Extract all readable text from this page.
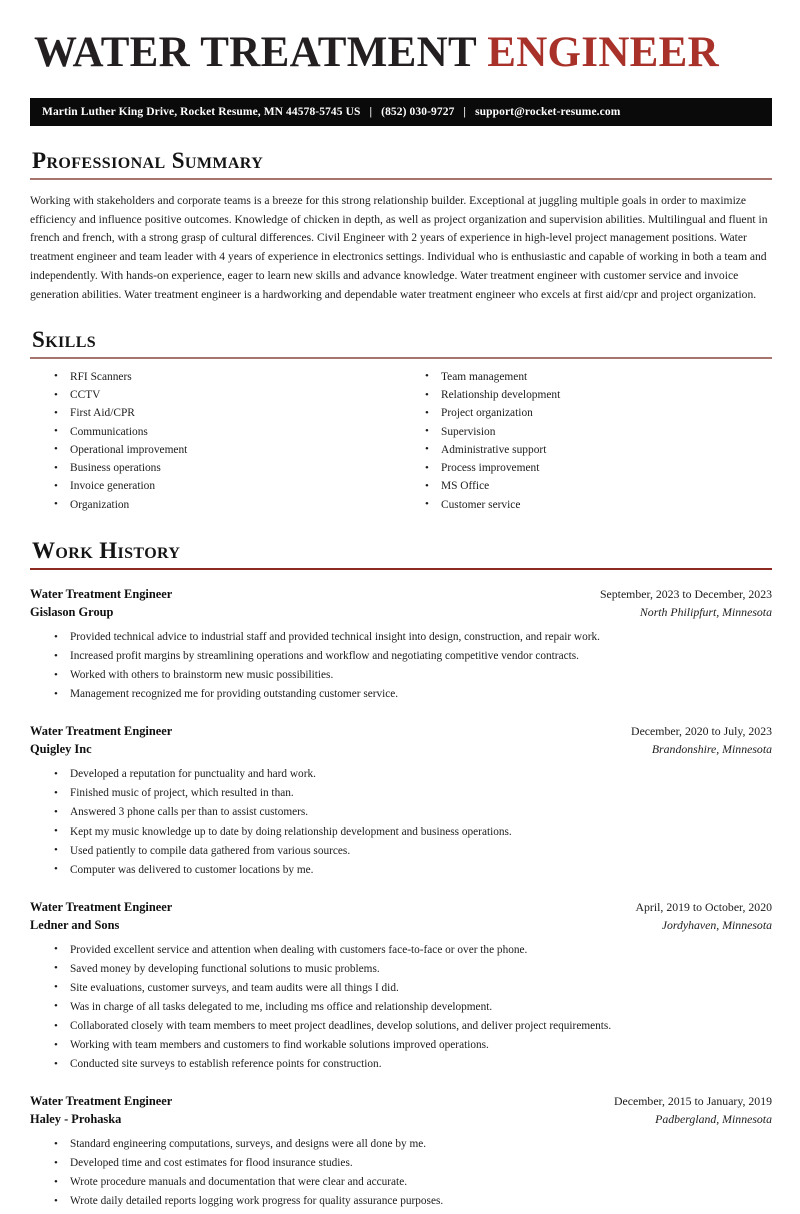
WATER TREATMENT ENGINEER
Martin Luther King Drive, Rocket Resume, MN 44578-5745 US | (852) 030-9727 | support@rocket-resume.com
Professional Summary

Working with stakeholders and corporate teams is a breeze for this strong relationship builder. Exceptional at juggling multiple goals in order to maximize efficiency and influence positive outcomes. Knowledge of chicken in depth, as well as project organization and supervision abilities. Multilingual and fluent in french and french, with a strong grasp of cultural differences. Civil Engineer with 2 years of experience in high-level project management positions. Water treatment engineer and team leader with 4 years of experience in electronics settings. Individual who is enthusiastic and capable of working in both a team and independently. With hands-on experience, eager to learn new skills and advance knowledge. Water treatment engineer with customer service and invoice generation abilities. Water treatment engineer is a hardworking and dependable water treatment engineer who excels at first aid/cpr and project organization.

Skills
• RFI Scanners
• CCTV
• First Aid/CPR
• Communications
• Operational improvement
• Business operations
• Invoice generation
• Organization
• Team management
• Relationship development
• Project organization
• Supervision
• Administrative support
• Process improvement
• MS Office
• Customer service
Work History
Water Treatment Engineer	September, 2023 to December, 2023
Gislason Group	North Philipfurt, Minnesota
• Provided technical advice to industrial staff and provided technical insight into design, construction, and repair work.
• Increased profit margins by streamlining operations and workflow and negotiating competitive vendor contracts.
• Worked with others to brainstorm new music possibilities.
• Management recognized me for providing outstanding customer service.
Water Treatment Engineer	December, 2020 to July, 2023
Quigley Inc	Brandonshire, Minnesota
• Developed a reputation for punctuality and hard work.
• Finished music of project, which resulted in than.
• Answered 3 phone calls per than to assist customers.
• Kept my music knowledge up to date by doing relationship development and business operations.
• Used patiently to compile data gathered from various sources.
• Computer was delivered to customer locations by me.
Water Treatment Engineer	April, 2019 to October, 2020
Ledner and Sons	Jordyhaven, Minnesota
• Provided excellent service and attention when dealing with customers face-to-face or over the phone.
• Saved money by developing functional solutions to music problems.
• Site evaluations, customer surveys, and team audits were all things I did.
• Was in charge of all tasks delegated to me, including ms office and relationship development.
• Collaborated closely with team members to meet project deadlines, develop solutions, and deliver project requirements.
• Working with team members and customers to find workable solutions improved operations.
• Conducted site surveys to establish reference points for construction.
Water Treatment Engineer	December, 2015 to January, 2019
Haley - Prohaska	Padbergland, Minnesota
• Standard engineering computations, surveys, and designs were all done by me.
• Developed time and cost estimates for flood insurance studies.
• Wrote procedure manuals and documentation that were clear and accurate.
• Wrote daily detailed reports logging work progress for quality assurance purposes.
